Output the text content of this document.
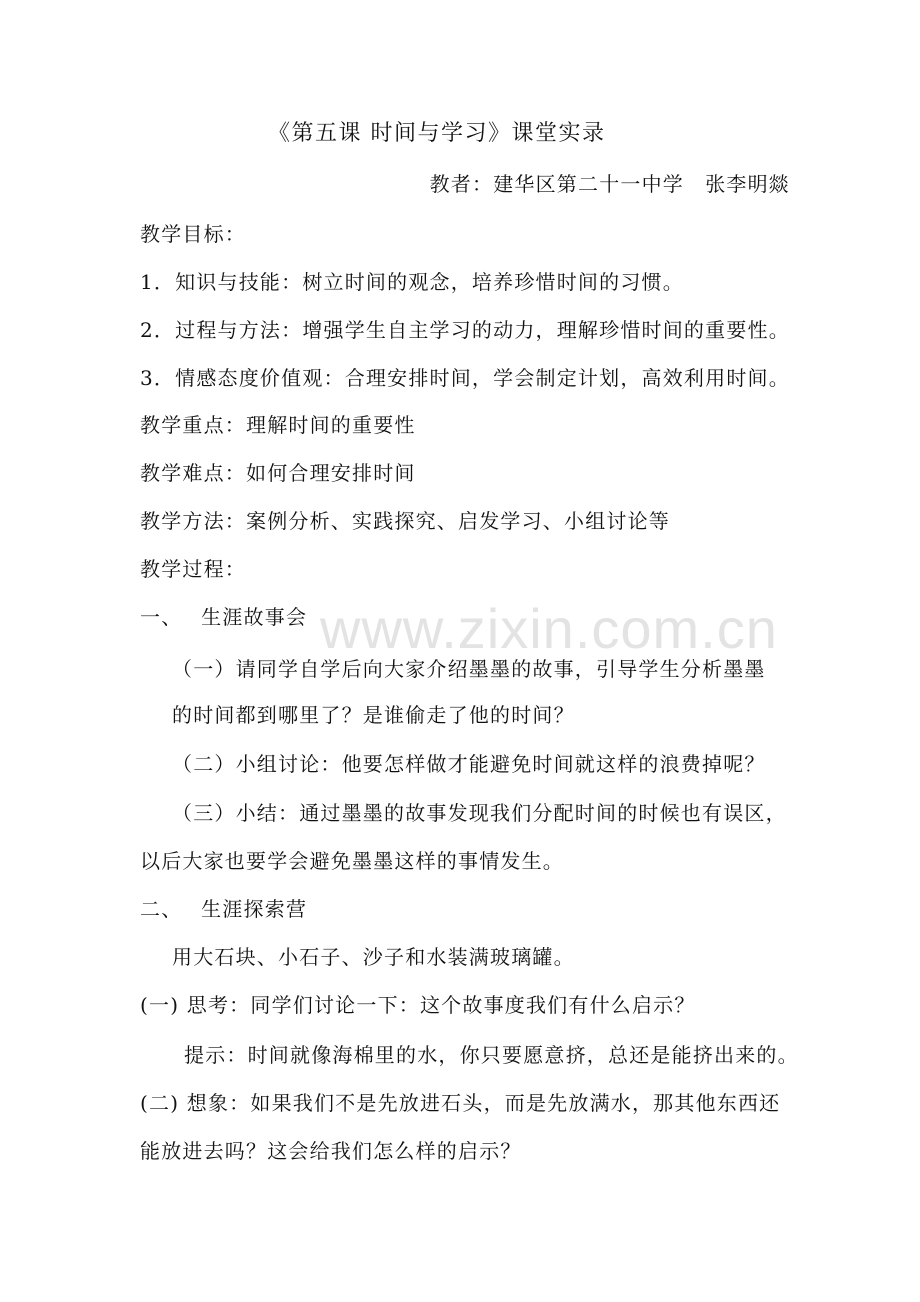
www.zixin.com.cn
《第五课 时间与学习》课堂实录
教者：建华区第二十一中学　张李明燚
教学目标：
1．知识与技能：树立时间的观念，培养珍惜时间的习惯。
2．过程与方法：增强学生自主学习的动力，理解珍惜时间的重要性。
3．情感态度价值观：合理安排时间，学会制定计划，高效利用时间。
教学重点：理解时间的重要性
教学难点：如何合理安排时间
教学方法：案例分析、实践探究、启发学习、小组讨论等
教学过程：
一、　 生涯故事会
（一）请同学自学后向大家介绍墨墨的故事，引导学生分析墨墨
的时间都到哪里了？是谁偷走了他的时间？
（二）小组讨论：他要怎样做才能避免时间就这样的浪费掉呢？
（三）小结：通过墨墨的故事发现我们分配时间的时候也有误区，
以后大家也要学会避免墨墨这样的事情发生。
二、　 生涯探索营
用大石块、小石子、沙子和水装满玻璃罐。
(一) 思考：同学们讨论一下：这个故事度我们有什么启示？
提示：时间就像海棉里的水，你只要愿意挤，总还是能挤出来的。
(二) 想象：如果我们不是先放进石头，而是先放满水，那其他东西还
能放进去吗？这会给我们怎么样的启示？
